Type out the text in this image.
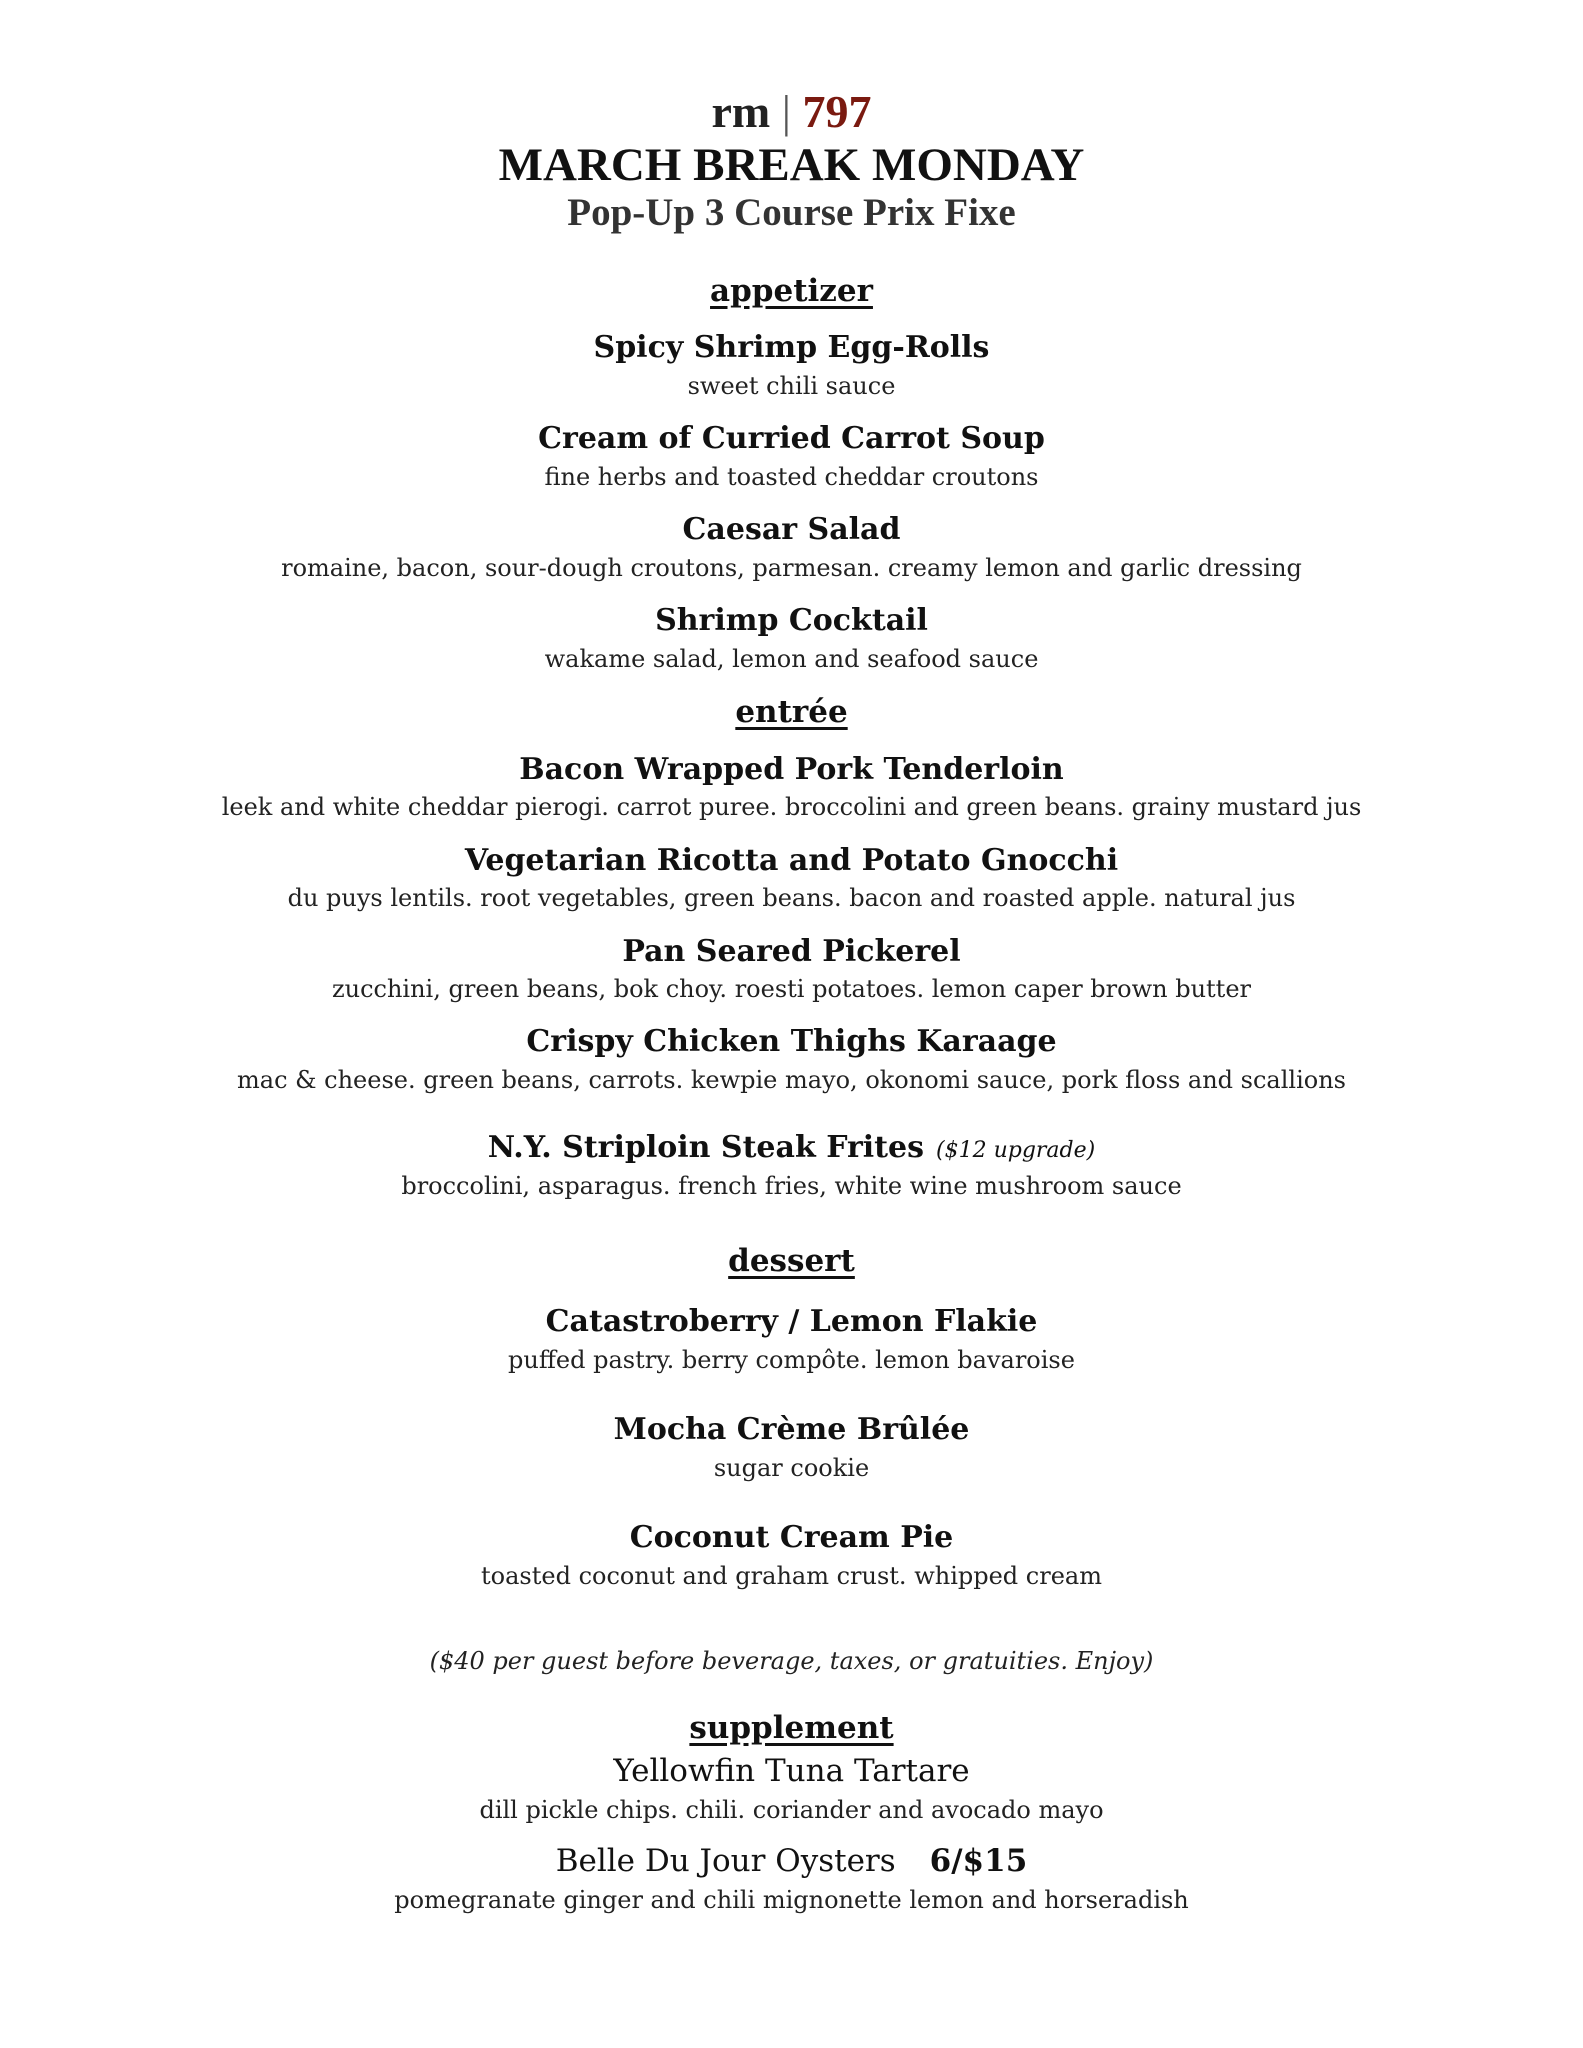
rm | 797
MARCH BREAK MONDAY
Pop-Up 3 Course Prix Fixe
appetizer
Spicy Shrimp Egg-Rolls
sweet chili sauce
Cream of Curried Carrot Soup
fine herbs and toasted cheddar croutons
Caesar Salad
romaine, bacon, sour-dough croutons, parmesan. creamy lemon and garlic dressing
Shrimp Cocktail
wakame salad, lemon and seafood sauce
entrée
Bacon Wrapped Pork Tenderloin
leek and white cheddar pierogi. carrot puree. broccolini and green beans. grainy mustard jus
Vegetarian Ricotta and Potato Gnocchi
du puys lentils. root vegetables, green beans. bacon and roasted apple. natural jus
Pan Seared Pickerel
zucchini, green beans, bok choy. roesti potatoes. lemon caper brown butter
Crispy Chicken Thighs Karaage
mac & cheese. green beans, carrots. kewpie mayo, okonomi sauce, pork floss and scallions
N.Y. Striploin Steak Frites ($12 upgrade)
broccolini, asparagus. french fries, white wine mushroom sauce
dessert
Catastroberry / Lemon Flakie
puffed pastry. berry compôte. lemon bavaroise
Mocha Crème Brûlée
sugar cookie
Coconut Cream Pie
toasted coconut and graham crust. whipped cream
($40 per guest before beverage, taxes, or gratuities. Enjoy)
supplement
Yellowfin Tuna Tartare
dill pickle chips. chili. coriander and avocado mayo
Belle Du Jour Oysters 6/$15
pomegranate ginger and chili mignonette lemon and horseradish
